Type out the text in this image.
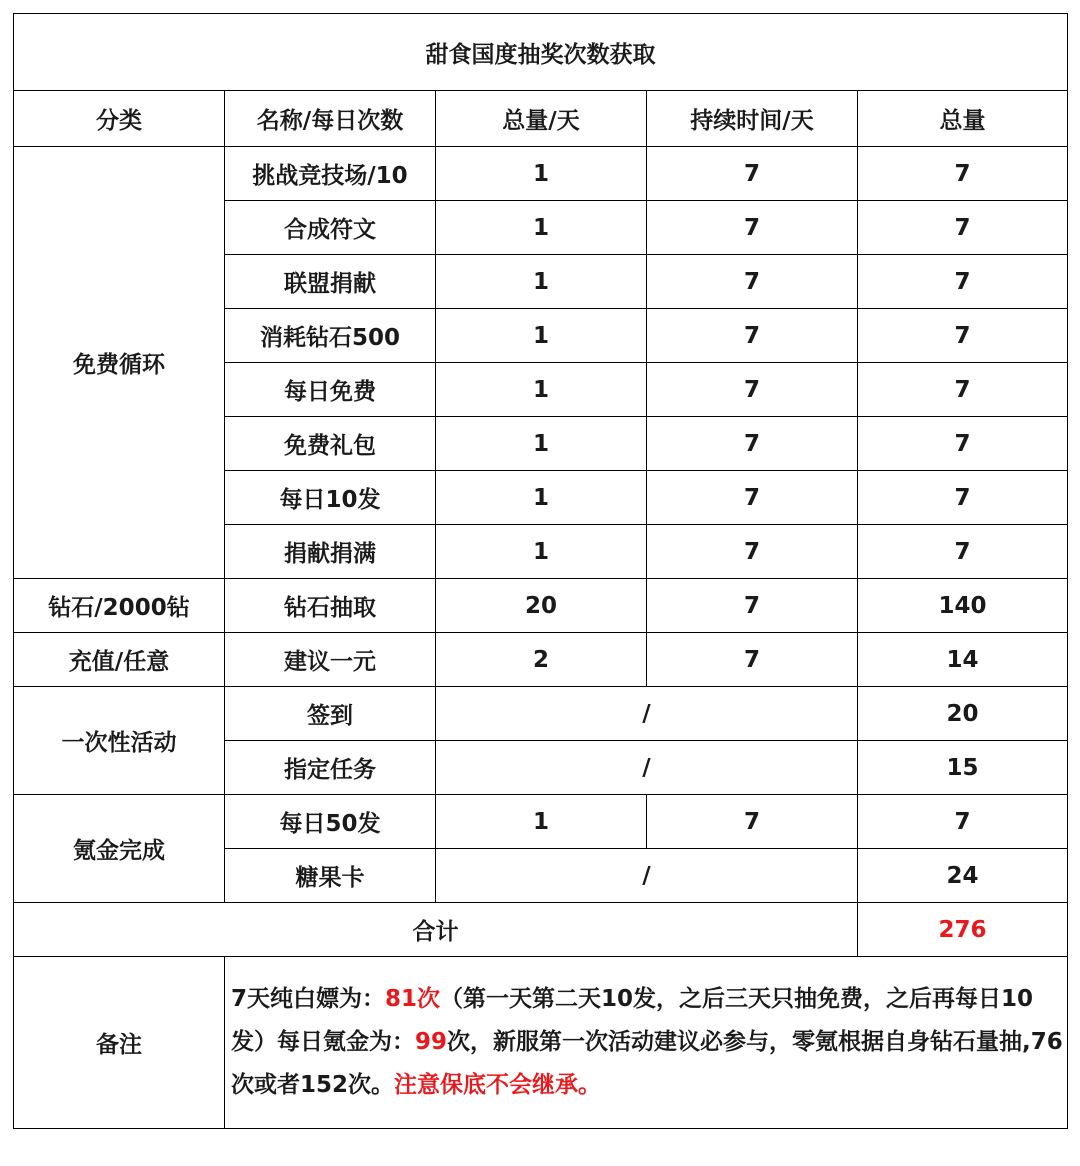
甜食国度抽奖次数获取				
分类	名称/每日次数	总量/天	持续时间/天	总量
免费循环	挑战竞技场/10	1	7	7
	合成符文	1	7	7
	联盟捐献	1	7	7
	消耗钻石500	1	7	7
	每日免费	1	7	7
	免费礼包	1	7	7
	每日10发	1	7	7
	捐献捐满	1	7	7
钻石/2000钻	钻石抽取	20	7	140
充值/任意	建议一元	2	7	14
一次性活动	签到	/		20
	指定任务	/		15
氪金完成	每日50发	1	7	7
	糖果卡	/		24
合计				276
备注	7天纯白嫖为：81次（第一天第二天10发，之后三天只抽免费，之后再每日10发）每日氪金为：99次，新服第一次活动建议必参与，零氪根据自身钻石量抽,76次或者152次。注意保底不会继承。			
